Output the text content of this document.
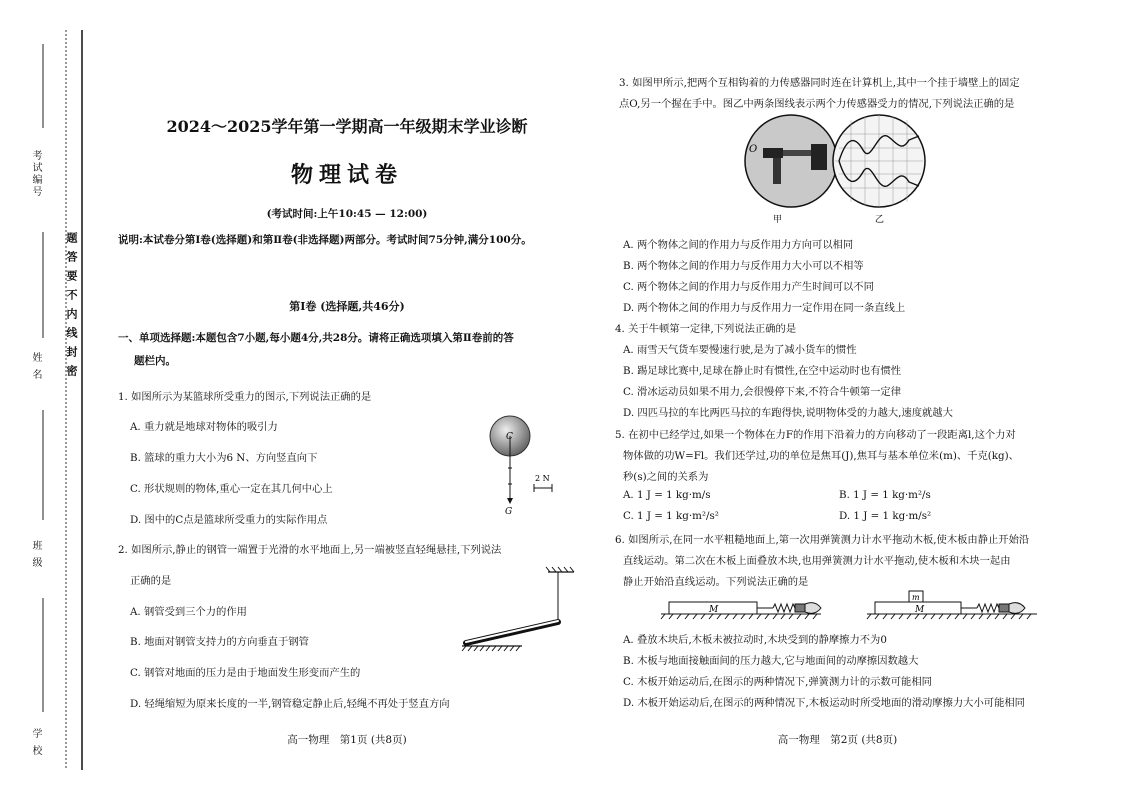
考试编号
姓 名
班 级
学 校
题答要不内线封密
2024～2025学年第一学期高一年级期末学业诊断
物理试卷
(考试时间:上午10:45 — 12:00)
说明:本试卷分第Ⅰ卷(选择题)和第Ⅱ卷(非选择题)两部分。考试时间75分钟,满分100分。
第Ⅰ卷 (选择题,共46分)
一、单项选择题:本题包含7小题,每小题4分,共28分。请将正确选项填入第Ⅱ卷前的答
题栏内。
1. 如图所示为某篮球所受重力的图示,下列说法正确的是
A. 重力就是地球对物体的吸引力
B. 篮球的重力大小为6 N、方向竖直向下
C. 形状规则的物体,重心一定在其几何中心上
D. 图中的C点是篮球所受重力的实际作用点
C
G
2 N
2. 如图所示,静止的钢管一端置于光滑的水平地面上,另一端被竖直轻绳悬挂,下列说法
正确的是
A. 钢管受到三个力的作用
B. 地面对钢管支持力的方向垂直于钢管
C. 钢管对地面的压力是由于地面发生形变而产生的
D. 轻绳缩短为原来长度的一半,钢管稳定静止后,轻绳不再处于竖直方向
高一物理　第1页 (共8页)
3. 如图甲所示,把两个互相钩着的力传感器同时连在计算机上,其中一个挂于墙壁上的固定
点O,另一个握在手中。图乙中两条图线表示两个力传感器受力的情况,下列说法正确的是
O
甲	乙
A. 两个物体之间的作用力与反作用力方向可以相同
B. 两个物体之间的作用力与反作用力大小可以不相等
C. 两个物体之间的作用力与反作用力产生时间可以不同
D. 两个物体之间的作用力与反作用力一定作用在同一条直线上
4. 关于牛顿第一定律,下列说法正确的是
A. 雨雪天气货车要慢速行驶,是为了减小货车的惯性
B. 踢足球比赛中,足球在静止时有惯性,在空中运动时也有惯性
C. 滑冰运动员如果不用力,会很慢停下来,不符合牛顿第一定律
D. 四匹马拉的车比两匹马拉的车跑得快,说明物体受的力越大,速度就越大
5. 在初中已经学过,如果一个物体在力F的作用下沿着力的方向移动了一段距离l,这个力对
物体做的功W=Fl。我们还学过,功的单位是焦耳(J),焦耳与基本单位米(m)、千克(kg)、
秒(s)之间的关系为
A. 1 J = 1 kg·m/s	B. 1 J = 1 kg·m²/s
C. 1 J = 1 kg·m²/s²	D. 1 J = 1 kg·m/s²
6. 如图所示,在同一水平粗糙地面上,第一次用弹簧测力计水平拖动木板,使木板由静止开始沿
直线运动。第二次在木板上面叠放木块,也用弹簧测力计水平拖动,使木板和木块一起由
静止开始沿直线运动。下列说法正确的是
M	M
m
A. 叠放木块后,木板未被拉动时,木块受到的静摩擦力不为0
B. 木板与地面接触面间的压力越大,它与地面间的动摩擦因数越大
C. 木板开始运动后,在图示的两种情况下,弹簧测力计的示数可能相同
D. 木板开始运动后,在图示的两种情况下,木板运动时所受地面的滑动摩擦力大小可能相同
高一物理　第2页 (共8页)
